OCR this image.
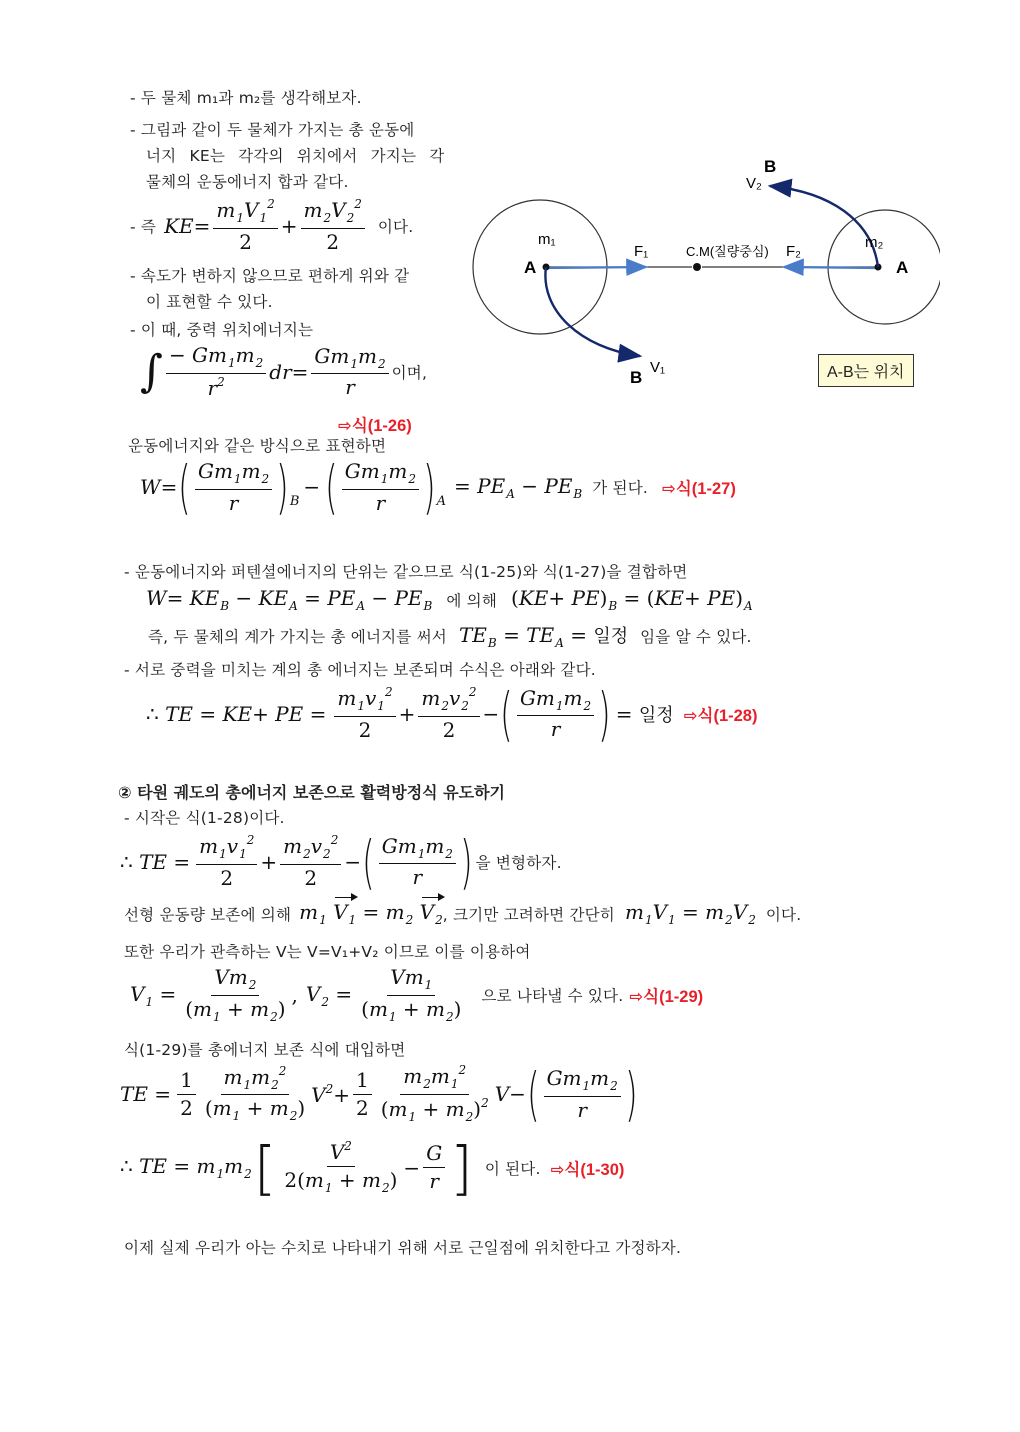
- 두 물체 m₁과 m₂를 생각해보자.
- 그림과 같이 두 물체가 가지는 총 운동에
너지 KE는 각각의 위치에서 가지는 각
물체의 운동에너지 합과 같다.
- 즉 $KE= \frac{m_1V_1^2}{2} + \frac{m_2V_2^2}{2}$ 이다.
- 속도가 변하지 않으므로 편하게 위와 같
이 표현할 수 있다.
- 이 때, 중력 위치에너지는
∫ $\frac{- Gm_1m_2}{r^2} dr= \frac{Gm_1m_2}{r}$ 이며,
⇨식(1-26)
운동에너지와 같은 방식으로 표현하면
W= ( $\frac{Gm_1m_2}{r}$ ) B
− ( $\frac{Gm_1m_2}{r}$ ) A
= $PE_A - PE_B$ 가 된다. ⇨식(1-27)
m₁	m₂
A	A
B
B
F₁	F₂
C.M(질량중심)
V₁
V₂
A-B는 위치
- 운동에너지와 퍼텐셜에너지의 단위는 같으므로 식(1-25)와 식(1-27)을 결합하면
$W= KE_B - KE_A = PE_A - PE_B$ 에 의해 $(KE+ PE)_B = (KE+ PE)_A$
즉, 두 물체의 계가 가지는 총 에너지를 써서 $TE_B = TE_A$ = 일정 임을 알 수 있다.
- 서로 중력을 미치는 계의 총 에너지는 보존되며 수식은 아래와 같다.
∴ TE = KE+ PE = $\frac{m_1v_1^2}{2} + \frac{m_2v_2^2}{2}$ − ( $\frac{Gm_1m_2}{r}$ ) = 일정 ⇨식(1-28)
② 타원 궤도의 총에너지 보존으로 활력방정식 유도하기
- 시작은 식(1-28)이다.
∴ TE = $\frac{m_1v_1^2}{2} + \frac{m_2v_2^2}{2}$ − ( $\frac{Gm_1m_2}{r}$ ) 을 변형하자.
선형 운동량 보존에 의해 $m_1$ $V_1 = m_2$ $V_2$ , 크기만 고려하면 간단히 $m_1V_1 = m_2V_2$ 이다.
또한 우리가 관측하는 V는 V=V₁+V₂ 이므로 이를 이용하여
$V_1 = \frac{Vm_2}{(m_1 + m_2)}$ , $V_2 = \frac{Vm_1}{(m_1 + m_2)}$ 으로 나타낼 수 있다. ⇨식(1-29)
식(1-29)를 총에너지 보존 식에 대입하면
TE = $\frac{1}{2} \frac{m_1m_2^2}{(m_1 + m_2)} V^2+ \frac{1}{2} \frac{m_2m_1^2}{(m_1 + m_2)^2} V-$ ( $\frac{Gm_1m_2}{r}$ )
∴ TE = $m_1m_2$ [ $\frac{V^2}{2(m_1 + m_2)} - \frac{G}{r}$ ] 이 된다. ⇨식(1-30)
이제 실제 우리가 아는 수치로 나타내기 위해 서로 근일점에 위치한다고 가정하자.
